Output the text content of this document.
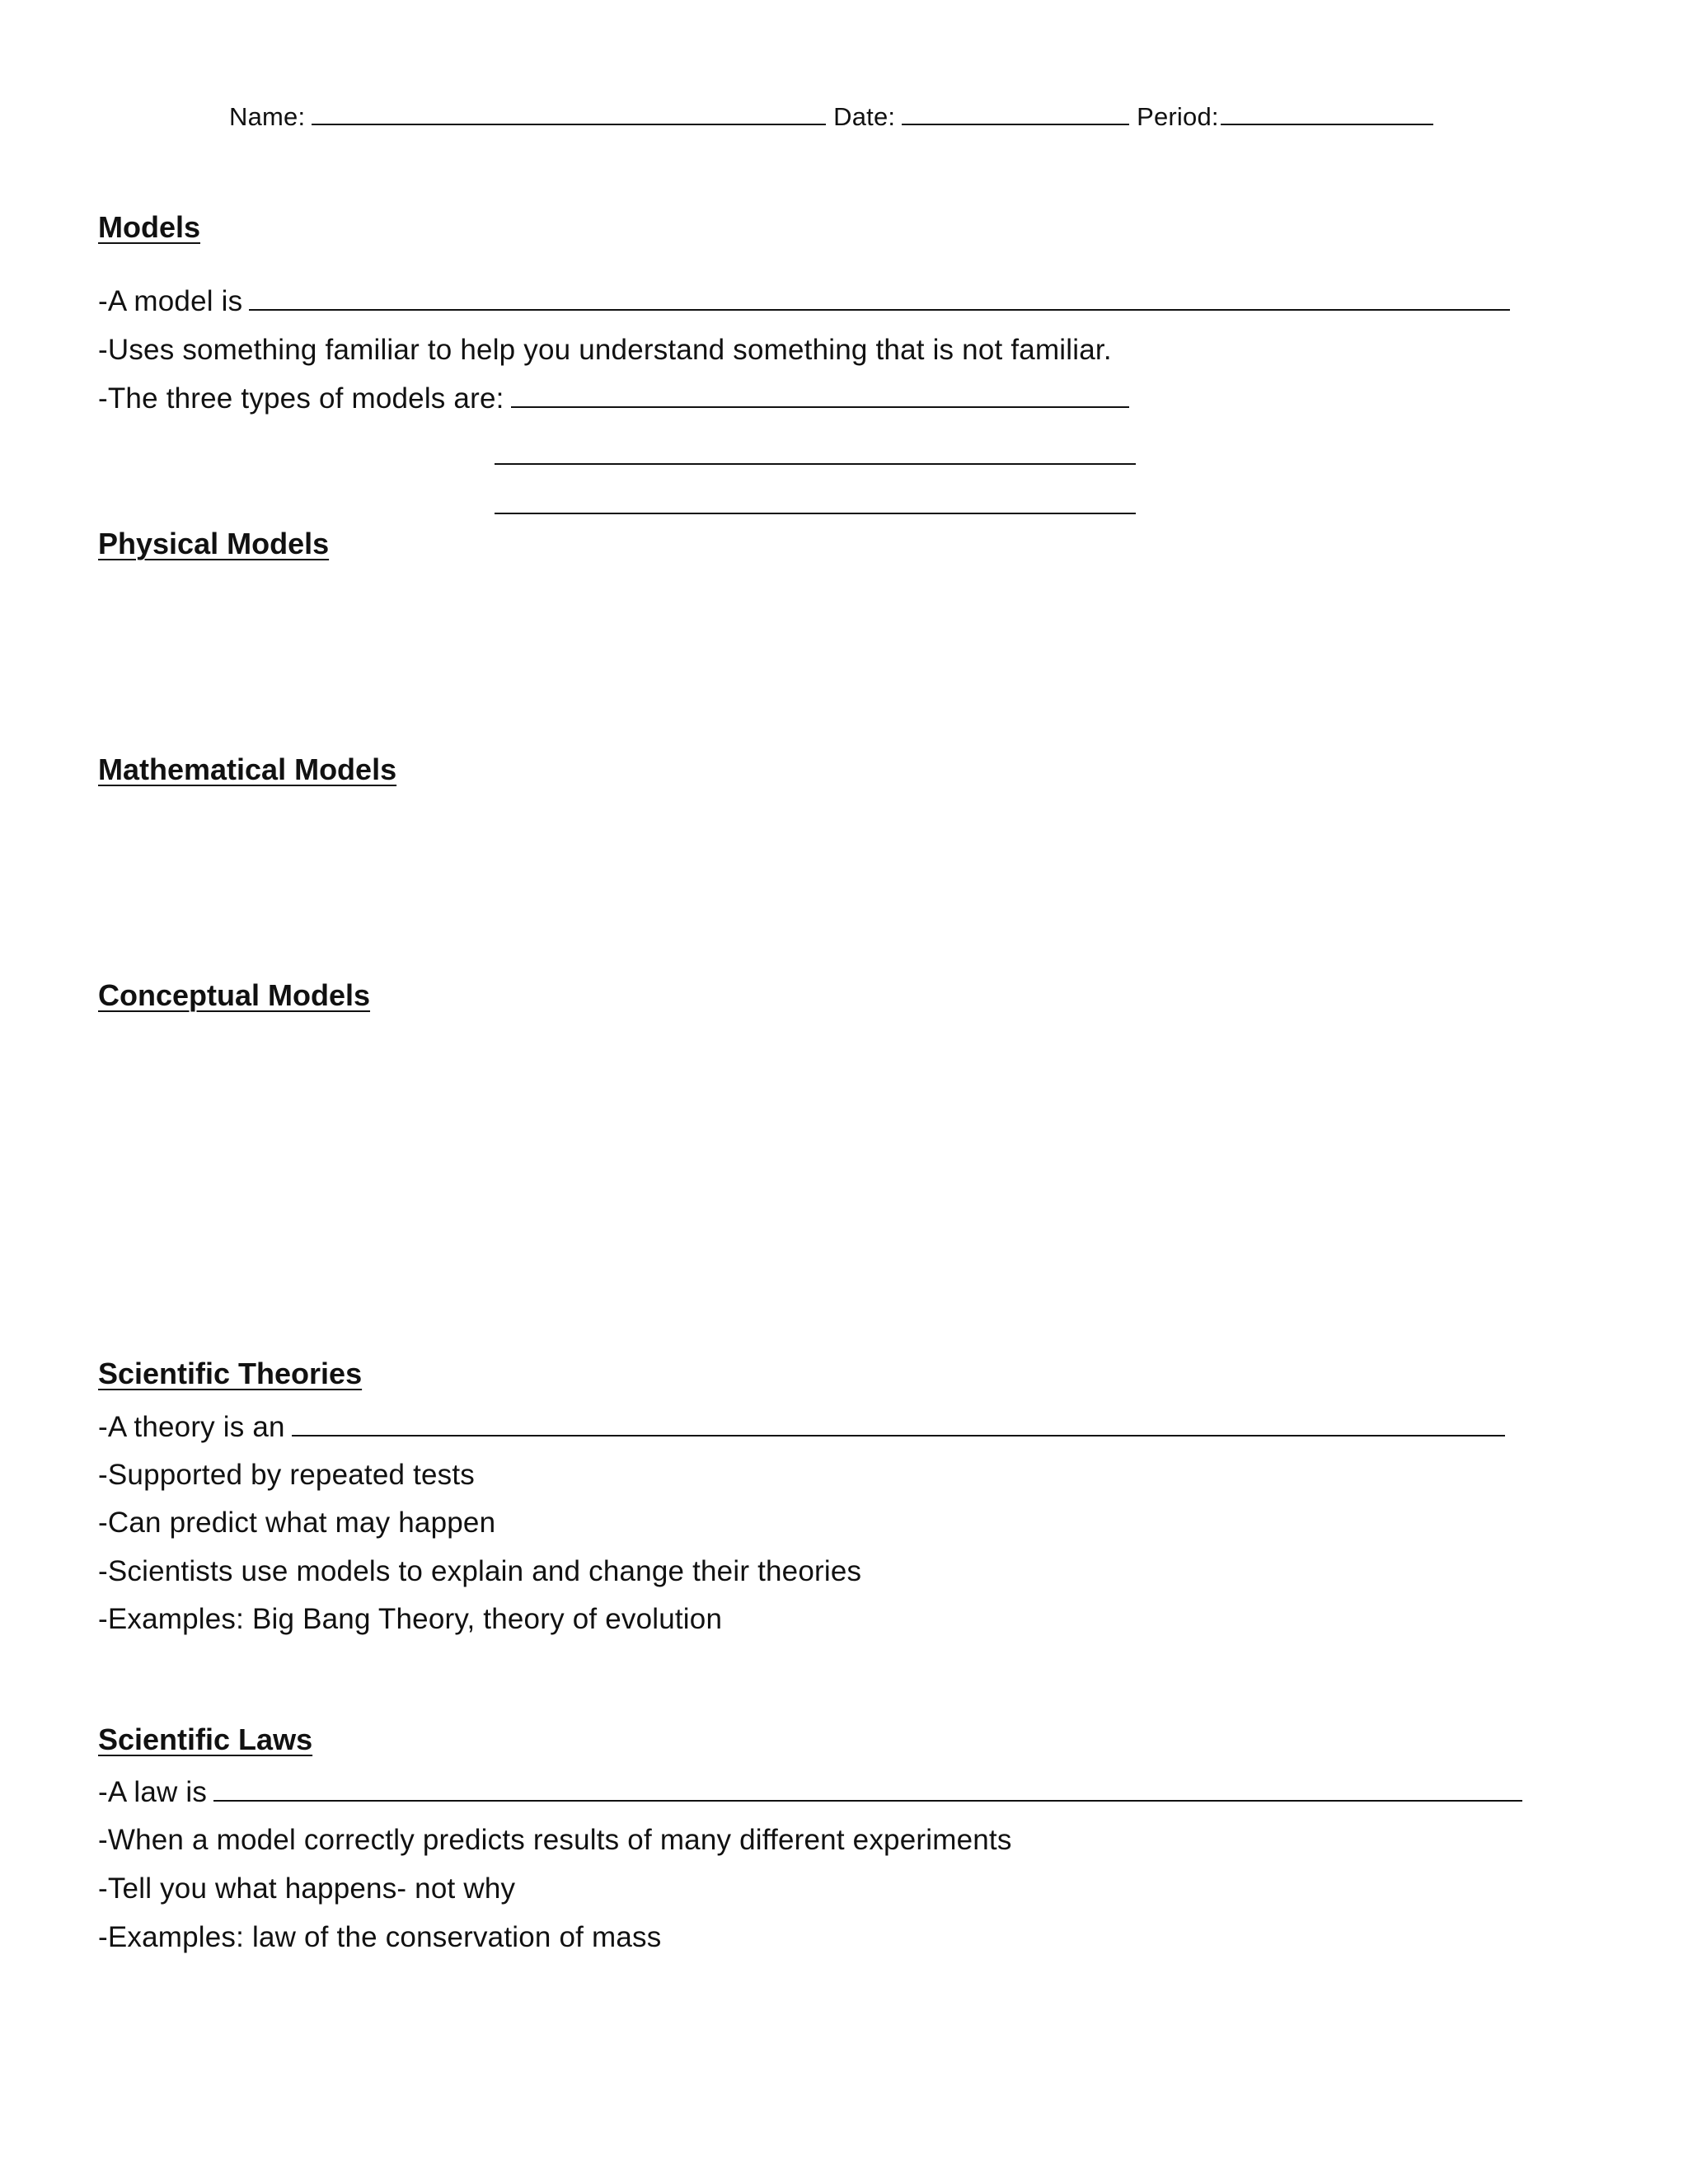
Name:	Date:	Period:
Models
-A model is
-Uses something familiar to help you understand something that is not familiar.
-The three types of models are:
Physical Models
Mathematical Models
Conceptual Models
Scientific Theories
-A theory is an
-Supported by repeated tests
-Can predict what may happen
-Scientists use models to explain and change their theories
-Examples: Big Bang Theory, theory of evolution
Scientific Laws
-A law is
-When a model correctly predicts results of many different experiments
-Tell you what happens- not why
-Examples: law of the conservation of mass
